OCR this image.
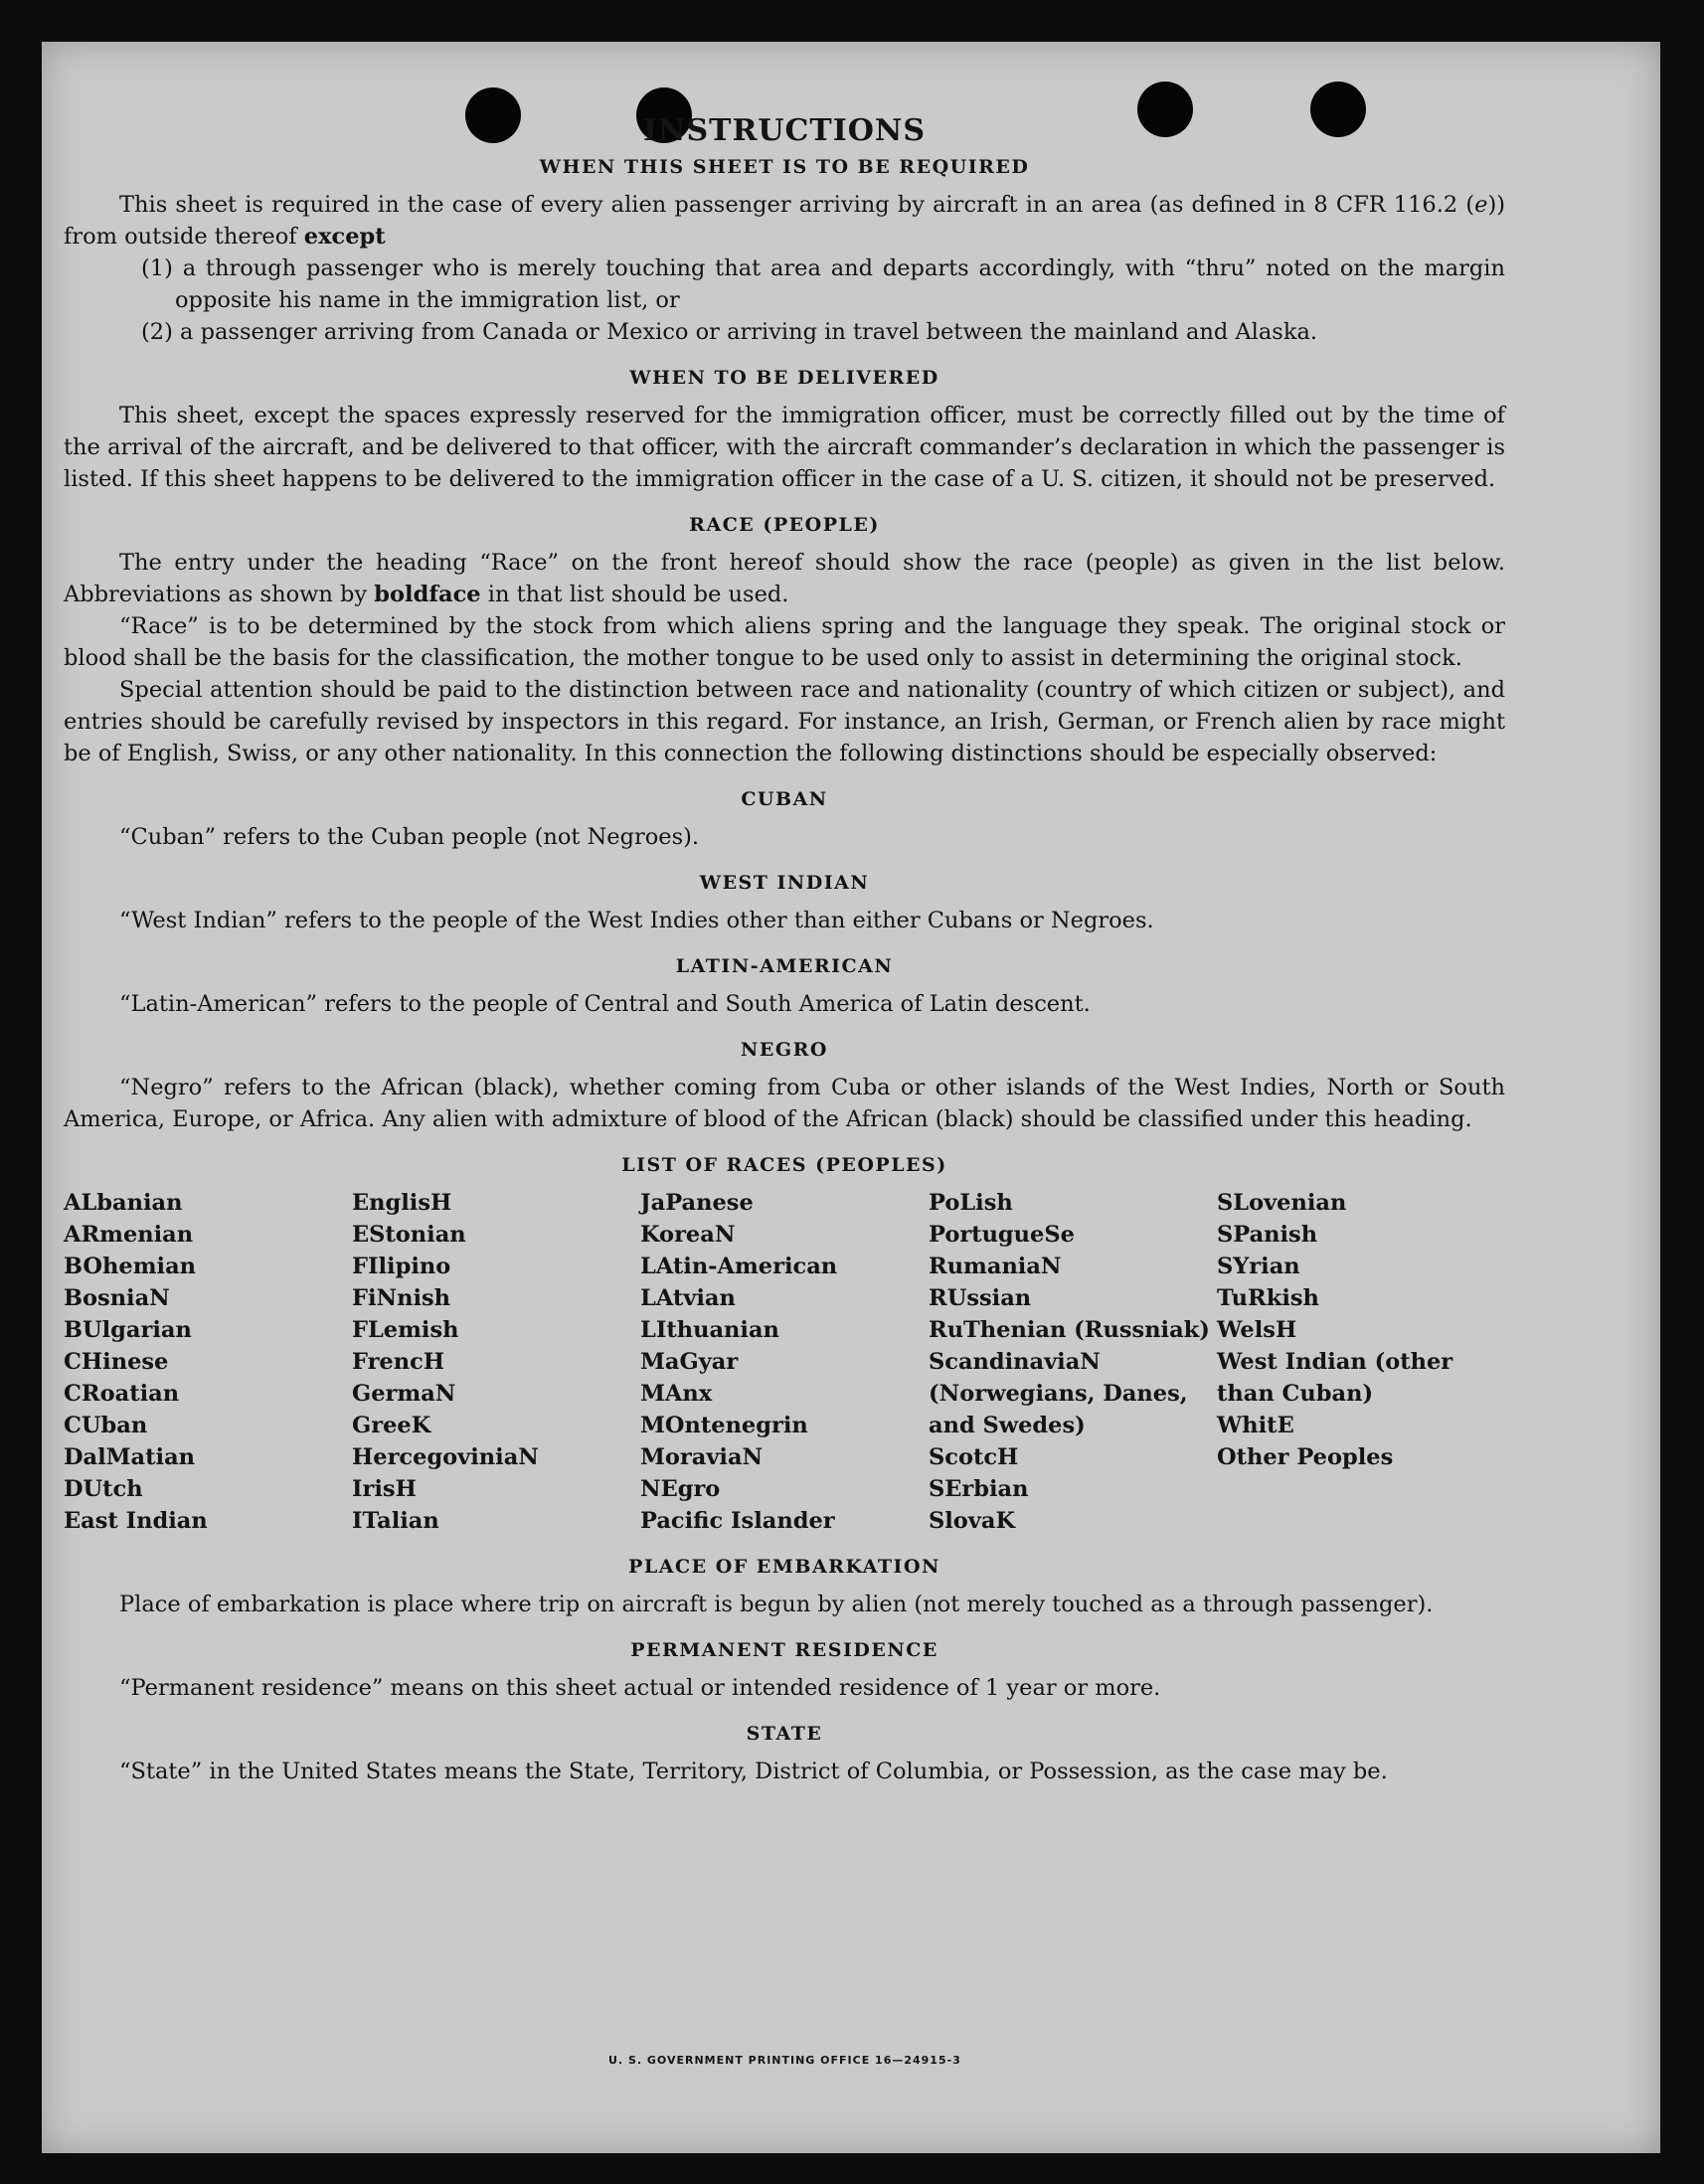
INSTRUCTIONS
WHEN THIS SHEET IS TO BE REQUIRED

This sheet is required in the case of every alien passenger arriving by aircraft in an area (as defined in 8 CFR 116.2 (e)) from outside thereof except

(1) a through passenger who is merely touching that area and departs accordingly, with “thru” noted on the margin opposite his name in the immigration list, or

(2) a passenger arriving from Canada or Mexico or arriving in travel between the mainland and Alaska.

WHEN TO BE DELIVERED

This sheet, except the spaces expressly reserved for the immigration officer, must be correctly filled out by the time of the arrival of the aircraft, and be delivered to that officer, with the aircraft commander’s declaration in which the passenger is listed. If this sheet happens to be delivered to the immigration officer in the case of a U. S. citizen, it should not be preserved.

RACE (PEOPLE)

The entry under the heading “Race” on the front hereof should show the race (people) as given in the list below. Abbreviations as shown by boldface in that list should be used.

“Race” is to be determined by the stock from which aliens spring and the language they speak. The original stock or blood shall be the basis for the classification, the mother tongue to be used only to assist in determining the original stock.

Special attention should be paid to the distinction between race and nationality (country of which citizen or subject), and entries should be carefully revised by inspectors in this regard. For instance, an Irish, German, or French alien by race might be of English, Swiss, or any other nationality. In this connection the following distinctions should be especially observed:

CUBAN

“Cuban” refers to the Cuban people (not Negroes).

WEST INDIAN

“West Indian” refers to the people of the West Indies other than either Cubans or Negroes.

LATIN-AMERICAN

“Latin-American” refers to the people of Central and South America of Latin descent.

NEGRO

“Negro” refers to the African (black), whether coming from Cuba or other islands of the West Indies, North or South America, Europe, or Africa. Any alien with admixture of blood of the African (black) should be classified under this heading.

LIST OF RACES (PEOPLES)
ALbanian
ARmenian
BOhemian
BosniaN
BUlgarian
CHinese
CRoatian
CUban
DalMatian
DUtch
East Indian
EnglisH
EStonian
FIlipino
FiNnish
FLemish
FrencH
GermaN
GreeK
HercegoviniaN
IrisH
ITalian
JaPanese
KoreaN
LAtin-American
LAtvian
LIthuanian
MaGyar
MAnx
MOntenegrin
MoraviaN
NEgro
Pacific Islander
PoLish
PortugueSe
RumaniaN
RUssian
RuThenian (Russniak)
ScandinaviaN (Norwegians, Danes, and Swedes)
ScotcH
SErbian
SlovaK
SLovenian
SPanish
SYrian
TuRkish
WelsH
West Indian (other than Cuban)
WhitE
Other Peoples
PLACE OF EMBARKATION

Place of embarkation is place where trip on aircraft is begun by alien (not merely touched as a through passenger).

PERMANENT RESIDENCE

“Permanent residence” means on this sheet actual or intended residence of 1 year or more.

STATE

“State” in the United States means the State, Territory, District of Columbia, or Possession, as the case may be.

U. S. GOVERNMENT PRINTING OFFICE 16—24915-3
